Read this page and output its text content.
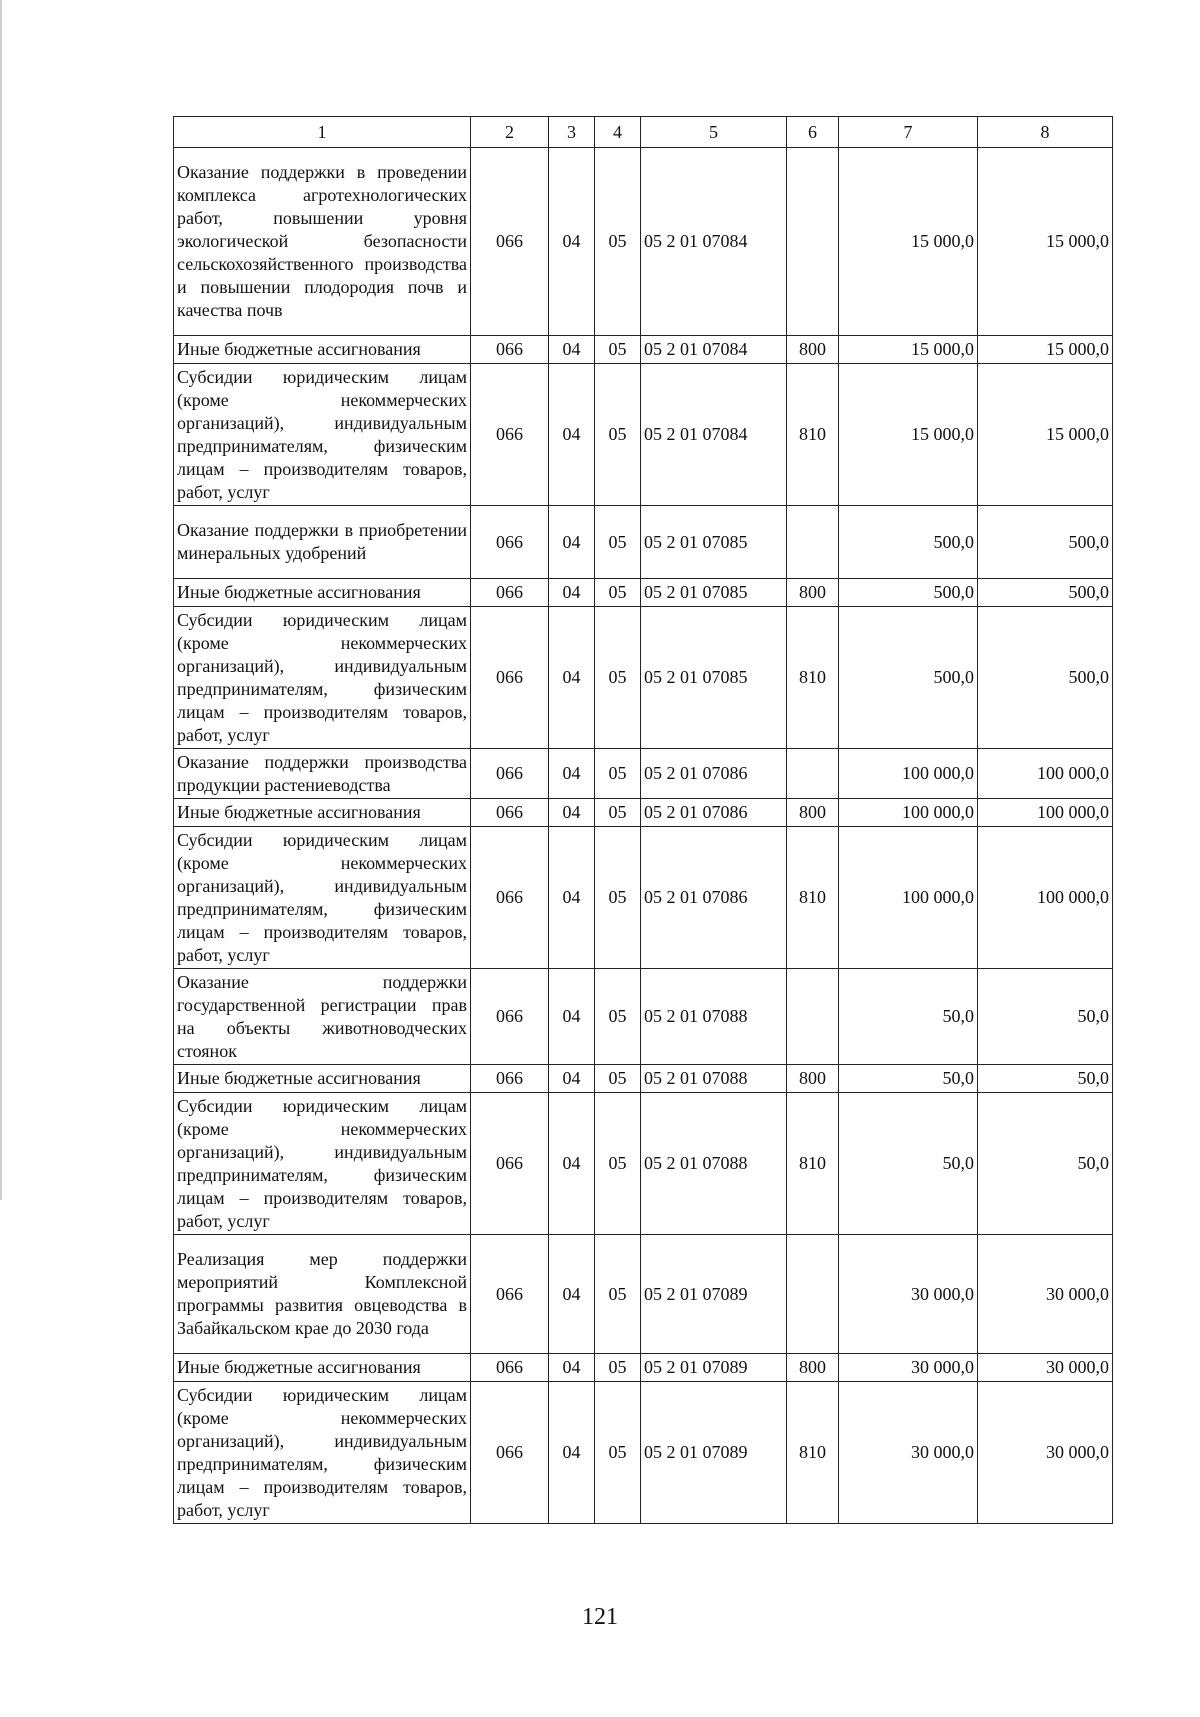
1	2	3	4	5	6	7	8
Оказание поддержки в проведении комплекса агротехнологических работ, повышении уровня экологической безопасности сельскохозяйственного производства и повышении плодородия почв и качества почв	066	04	05	05 2 01 07084		15 000,0	15 000,0
Иные бюджетные ассигнования	066	04	05	05 2 01 07084	800	15 000,0	15 000,0
Субсидии юридическим лицам (кроме некоммерческих организаций), индивидуальным предпринимателям, физическим лицам – производителям товаров, работ, услуг	066	04	05	05 2 01 07084	810	15 000,0	15 000,0
Оказание поддержки в приобретении минеральных удобрений	066	04	05	05 2 01 07085		500,0	500,0
Иные бюджетные ассигнования	066	04	05	05 2 01 07085	800	500,0	500,0
Субсидии юридическим лицам (кроме некоммерческих организаций), индивидуальным предпринимателям, физическим лицам – производителям товаров, работ, услуг	066	04	05	05 2 01 07085	810	500,0	500,0
Оказание поддержки производства продукции растениеводства	066	04	05	05 2 01 07086		100 000,0	100 000,0
Иные бюджетные ассигнования	066	04	05	05 2 01 07086	800	100 000,0	100 000,0
Субсидии юридическим лицам (кроме некоммерческих организаций), индивидуальным предпринимателям, физическим лицам – производителям товаров, работ, услуг	066	04	05	05 2 01 07086	810	100 000,0	100 000,0
Оказание поддержки государственной регистрации прав на объекты животноводческих стоянок	066	04	05	05 2 01 07088		50,0	50,0
Иные бюджетные ассигнования	066	04	05	05 2 01 07088	800	50,0	50,0
Субсидии юридическим лицам (кроме некоммерческих организаций), индивидуальным предпринимателям, физическим лицам – производителям товаров, работ, услуг	066	04	05	05 2 01 07088	810	50,0	50,0
Реализация мер поддержки мероприятий Комплексной программы развития овцеводства в Забайкальском крае до 2030 года	066	04	05	05 2 01 07089		30 000,0	30 000,0
Иные бюджетные ассигнования	066	04	05	05 2 01 07089	800	30 000,0	30 000,0
Субсидии юридическим лицам (кроме некоммерческих организаций), индивидуальным предпринимателям, физическим лицам – производителям товаров, работ, услуг	066	04	05	05 2 01 07089	810	30 000,0	30 000,0
121
